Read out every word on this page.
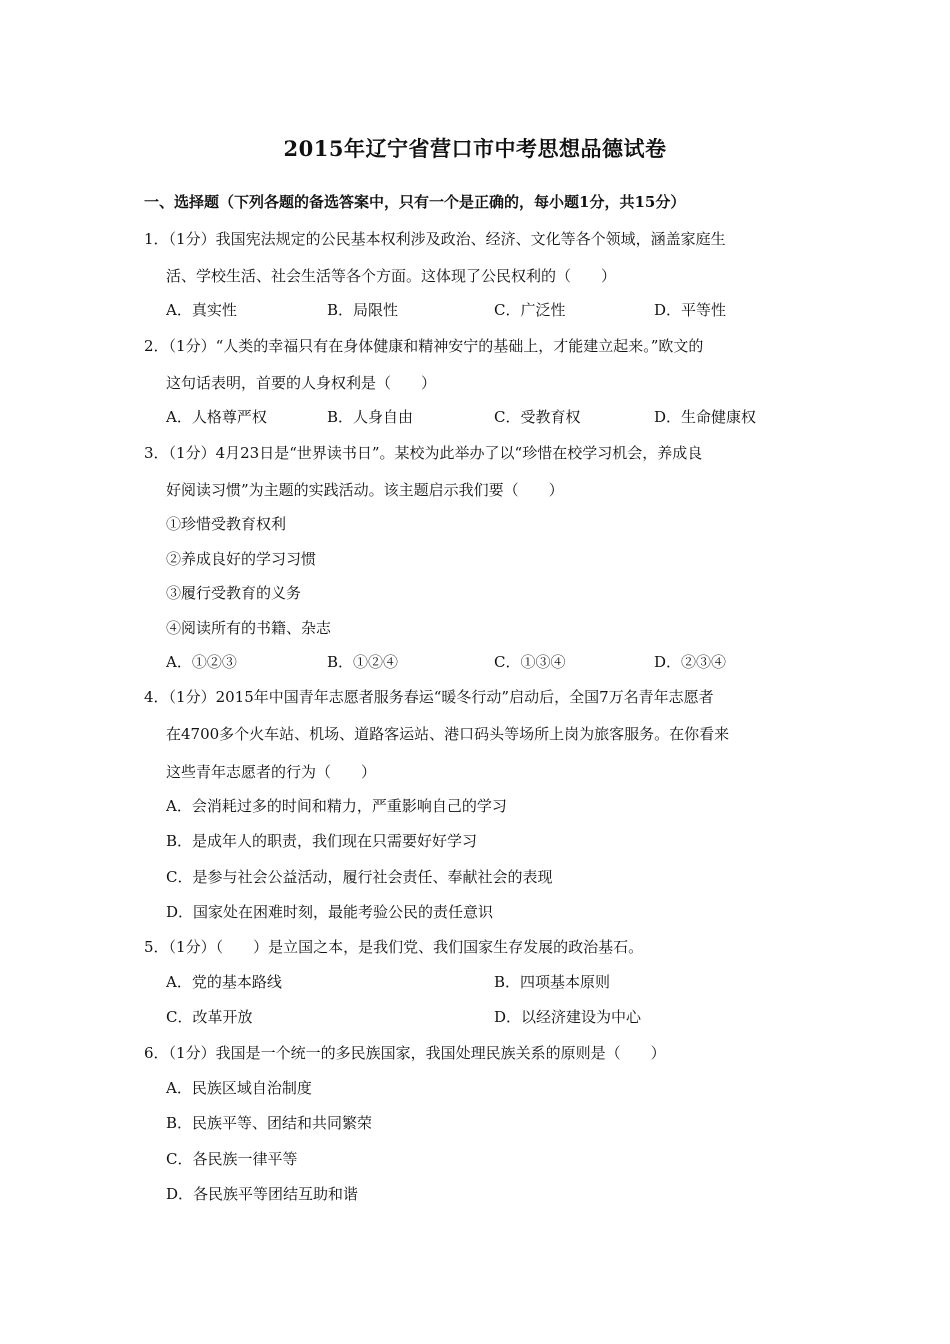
2015年辽宁省营口市中考思想品德试卷
一、选择题（下列各题的备选答案中，只有一个是正确的，每小题1分，共15分）
1．（1分）我国宪法规定的公民基本权利涉及政治、经济、文化等各个领域，涵盖家庭生
活、学校生活、社会生活等各个方面。这体现了公民权利的（　　）
A．真实性	B．局限性	C．广泛性	D．平等性
2．（1分）“人类的幸福只有在身体健康和精神安宁的基础上，才能建立起来。”欧文的
这句话表明，首要的人身权利是（　　）
A．人格尊严权	B．人身自由	C．受教育权	D．生命健康权
3．（1分）4月23日是“世界读书日”。某校为此举办了以“珍惜在校学习机会，养成良
好阅读习惯”为主题的实践活动。该主题启示我们要（　　）
①珍惜受教育权利
②养成良好的学习习惯
③履行受教育的义务
④阅读所有的书籍、杂志
A．①②③	B．①②④	C．①③④	D．②③④
4．（1分）2015年中国青年志愿者服务春运“暖冬行动”启动后，全国7万名青年志愿者
在4700多个火车站、机场、道路客运站、港口码头等场所上岗为旅客服务。在你看来
这些青年志愿者的行为（　　）
A．会消耗过多的时间和精力，严重影响自己的学习
B．是成年人的职责，我们现在只需要好好学习
C．是参与社会公益活动，履行社会责任、奉献社会的表现
D．国家处在困难时刻，最能考验公民的责任意识
5．（1分）（　　）是立国之本，是我们党、我们国家生存发展的政治基石。
A．党的基本路线	B．四项基本原则
C．改革开放	D．以经济建设为中心
6．（1分）我国是一个统一的多民族国家，我国处理民族关系的原则是（　　）
A．民族区域自治制度
B．民族平等、团结和共同繁荣
C．各民族一律平等
D．各民族平等团结互助和谐
